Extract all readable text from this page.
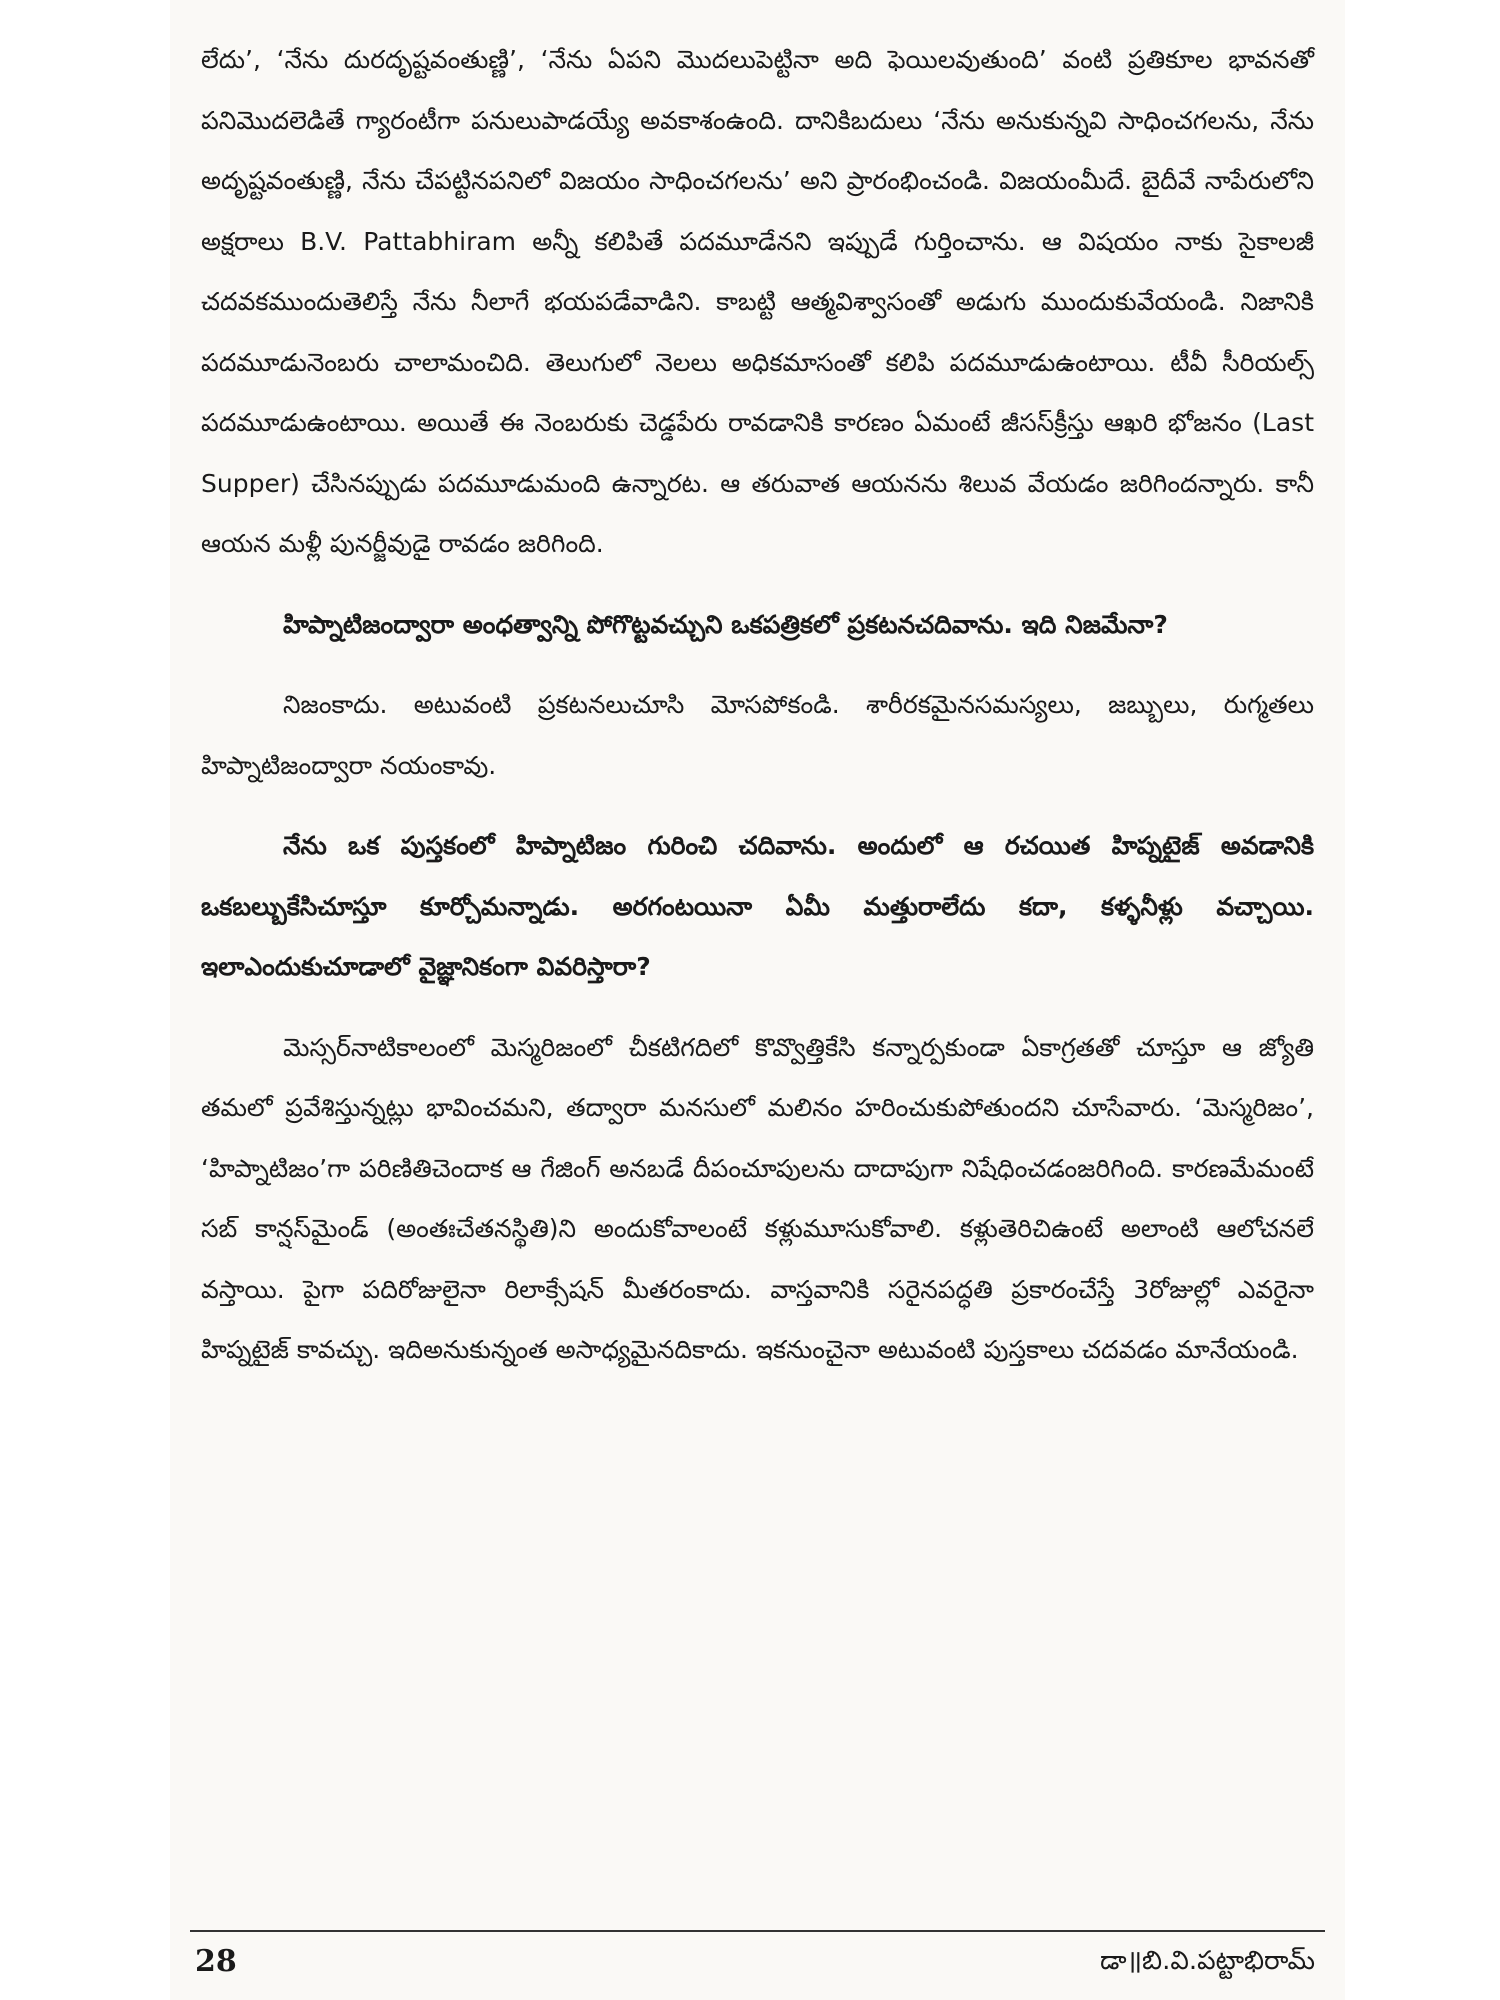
లేదు’, ‘నేను దురదృష్టవంతుణ్ణి’, ‘నేను ఏపని మొదలుపెట్టినా అది ఫెయిలవుతుంది’ వంటి ప్రతికూల భావనతో పనిమొదలెడితే గ్యారంటీగా పనులుపాడయ్యే అవకాశంఉంది. దానికిబదులు ‘నేను అనుకున్నవి సాధించగలను, నేను అదృష్టవంతుణ్ణి, నేను చేపట్టినపనిలో విజయం సాధించగలను’ అని ప్రారంభించండి. విజయంమీదే. బైదీవే నాపేరులోని అక్షరాలు B.V. Pattabhiram అన్నీ కలిపితే పదమూడేనని ఇప్పుడే గుర్తించాను. ఆ విషయం నాకు సైకాలజీ చదవకముందుతెలిస్తే నేను నీలాగే భయపడేవాడిని. కాబట్టి ఆత్మవిశ్వాసంతో అడుగు ముందుకువేయండి. నిజానికి పదమూడునెంబరు చాలామంచిది. తెలుగులో నెలలు అధికమాసంతో కలిపి పదమూడుఉంటాయి. టీవీ సీరియల్స్ పదమూడుఉంటాయి. అయితే ఈ నెంబరుకు చెడ్డపేరు రావడానికి కారణం ఏమంటే జీసస్‌క్రీస్తు ఆఖరి భోజనం (Last Supper) చేసినప్పుడు పదమూడుమంది ఉన్నారట. ఆ తరువాత ఆయనను శిలువ వేయడం జరిగిందన్నారు. కానీ ఆయన మళ్లీ పునర్జీవుడై రావడం జరిగింది.

హిప్నాటిజంద్వారా అంధత్వాన్ని పోగొట్టవచ్చుని ఒకపత్రికలో ప్రకటనచదివాను. ఇది నిజమేనా?

నిజంకాదు. అటువంటి ప్రకటనలుచూసి మోసపోకండి. శారీరకమైనసమస్యలు, జబ్బులు, రుగ్మతలు హిప్నాటిజంద్వారా నయంకావు.

నేను ఒక పుస్తకంలో హిప్నాటిజం గురించి చదివాను. అందులో ఆ రచయిత హిప్నటైజ్ అవడానికి ఒకబల్బుకేసిచూస్తూ కూర్చోమన్నాడు. అరగంటయినా ఏమీ మత్తురాలేదు కదా, కళ్ళనీళ్లు వచ్చాయి. ఇలాఎందుకుచూడాలో వైజ్ఞానికంగా వివరిస్తారా?

మెస్సర్‌నాటికాలంలో మెస్మరిజంలో చీకటిగదిలో కొవ్వొత్తికేసి కన్నార్పకుండా ఏకాగ్రతతో చూస్తూ ఆ జ్యోతి తమలో ప్రవేశిస్తున్నట్లు భావించమని, తద్వారా మనసులో మలినం హరించుకుపోతుందని చూసేవారు. ‘మెస్మరిజం’, ‘హిప్నాటిజం’గా పరిణితిచెందాక ఆ గేజింగ్ అనబడే దీపంచూపులను దాదాపుగా నిషేధించడంజరిగింది. కారణమేమంటే సబ్ కాన్షస్‌మైండ్ (అంతఃచేతనస్థితి)ని అందుకోవాలంటే కళ్లుమూసుకోవాలి. కళ్లుతెరిచిఉంటే అలాంటి ఆలోచనలే వస్తాయి. పైగా పదిరోజులైనా రిలాక్సేషన్ మీతరంకాదు. వాస్తవానికి సరైనపద్ధతి ప్రకారంచేస్తే 3రోజుల్లో ఎవరైనా హిప్నటైజ్ కావచ్చు. ఇదిఅనుకున్నంత అసాధ్యమైనదికాదు. ఇకనుంచైనా అటువంటి పుస్తకాలు చదవడం మానేయండి.

28	డా॥బి.వి.పట్టాభిరామ్
